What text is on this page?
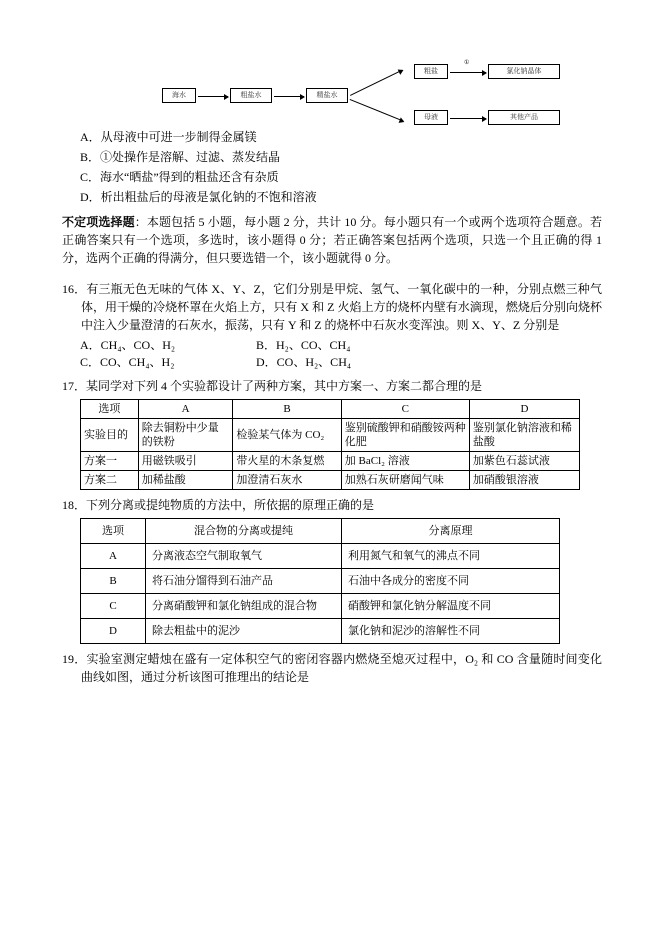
海水	粗盐水	精盐水
粗盐
①
氯化钠晶体
母液	其他产品
A．从母液中可进一步制得金属镁
B．①处操作是溶解、过滤、蒸发结晶
C．海水“晒盐”得到的粗盐还含有杂质
D．析出粗盐后的母液是氯化钠的不饱和溶液
不定项选择题：本题包括 5 小题，每小题 2 分，共计 10 分。每小题只有一个或两个选项符合题意。若正确答案只有一个选项，多选时，该小题得 0 分；若正确答案包括两个选项，只选一个且正确的得 1 分，选两个正确的得满分，但只要选错一个，该小题就得 0 分。
16．有三瓶无色无味的气体 X、Y、Z，它们分别是甲烷、氢气、一氧化碳中的一种，分别点燃三种气体，用干燥的冷烧杯罩在火焰上方，只有 X 和 Z 火焰上方的烧杯内壁有水滴现，燃烧后分别向烧杯中注入少量澄清的石灰水，振荡，只有 Y 和 Z 的烧杯中石灰水变浑浊。则 X、Y、Z 分别是
A．CH₄、CO、H₂	B．H₂、CO、CH₄
C．CO、CH₄、H₂	D．CO、H₂、CH₄
17．某同学对下列 4 个实验都设计了两种方案，其中方案一、方案二都合理的是
选项	A	B	C	D
实验目的	除去铜粉中少量的铁粉	检验某气体为 CO₂	鉴别硫酸钾和硝酸铵两种化肥	鉴别氯化钠溶液和稀盐酸
方案一	用磁铁吸引	带火星的木条复燃	加 BaCl₂ 溶液	加紫色石蕊试液
方案二	加稀盐酸	加澄清石灰水	加熟石灰研磨闻气味	加硝酸银溶液
18．下列分离或提纯物质的方法中，所依据的原理正确的是
选项	混合物的分离或提纯	分离原理
A	分离液态空气制取氧气	利用氮气和氧气的沸点不同
B	将石油分馏得到石油产品	石油中各成分的密度不同
C	分离硝酸钾和氯化钠组成的混合物	硝酸钾和氯化钠分解温度不同
D	除去粗盐中的泥沙	氯化钠和泥沙的溶解性不同
19．实验室测定蜡烛在盛有一定体积空气的密闭容器内燃烧至熄灭过程中，O₂ 和 CO 含量随时间变化曲线如图，通过分析该图可推理出的结论是
